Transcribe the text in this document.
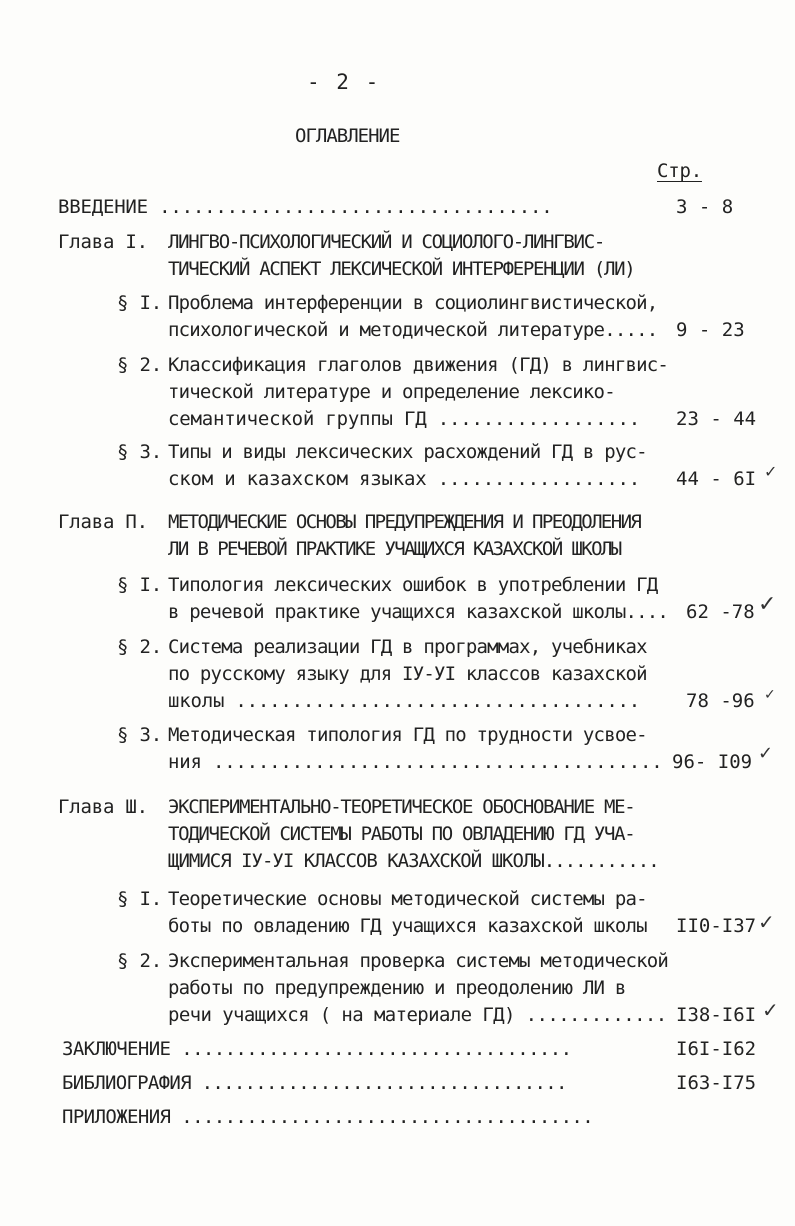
- 2 -
ОГЛАВЛЕНИЕ
Стр.
ВВЕДЕНИЕ ...................................	3 - 8
Глава I. ЛИНГВО-ПСИХОЛОГИЧЕСКИЙ И СОЦИОЛОГО-ЛИНГВИС-
ТИЧЕСКИЙ АСПЕКТ ЛЕКСИЧЕСКОЙ ИНТЕРФЕРЕНЦИИ (ЛИ)
§ I. Проблема интерференции в социолингвистической,
психологической и методической литературе..... 9 - 23
§ 2. Классификация глаголов движения (ГД) в лингвис-
тической литературе и определение лексико-
семантической группы ГД .................. 23 - 44
§ 3. Типы и виды лексических расхождений ГД в рус-
ском и казахском языках .................. 44 - 6I
Глава П. МЕТОДИЧЕСКИЕ ОСНОВЫ ПРЕДУПРЕЖДЕНИЯ И ПРЕОДОЛЕНИЯ
ЛИ В РЕЧЕВОЙ ПРАКТИКЕ УЧАЩИХСЯ КАЗАХСКОЙ ШКОЛЫ
§ I. Типология лексических ошибок в употреблении ГД
в речевой практике учащихся казахской школы.... 62 -78
§ 2. Система реализации ГД в программах, учебниках
по русскому языку для IУ-УI классов казахской
школы .................................... 78 -96
§ 3. Методическая типология ГД по трудности усвое-
ния ........................................ 96- I09
Глава Ш. ЭКСПЕРИМЕНТАЛЬНО-ТЕОРЕТИЧЕСКОЕ ОБОСНОВАНИЕ МЕ-
ТОДИЧЕСКОЙ СИСТЕМЫ РАБОТЫ ПО ОВЛАДЕНИЮ ГД УЧА-
ЩИМИСЯ IУ-УI КЛАССОВ КАЗАХСКОЙ ШКОЛЫ...........
§ I. Теоретические основы методической системы ра-
боты по овладению ГД учащихся казахской школы II0-I37
§ 2. Экспериментальная проверка системы методической
работы по предупреждению и преодолению ЛИ в
речи учащихся ( на материале ГД) ............. I38-I6I
ЗАКЛЮЧЕНИЕ ....................................	I6I-I62
БИБЛИОГРАФИЯ ..................................	I63-I75
ПРИЛОЖЕНИЯ ......................................
✓
✓
✓
✓
✓
✓
